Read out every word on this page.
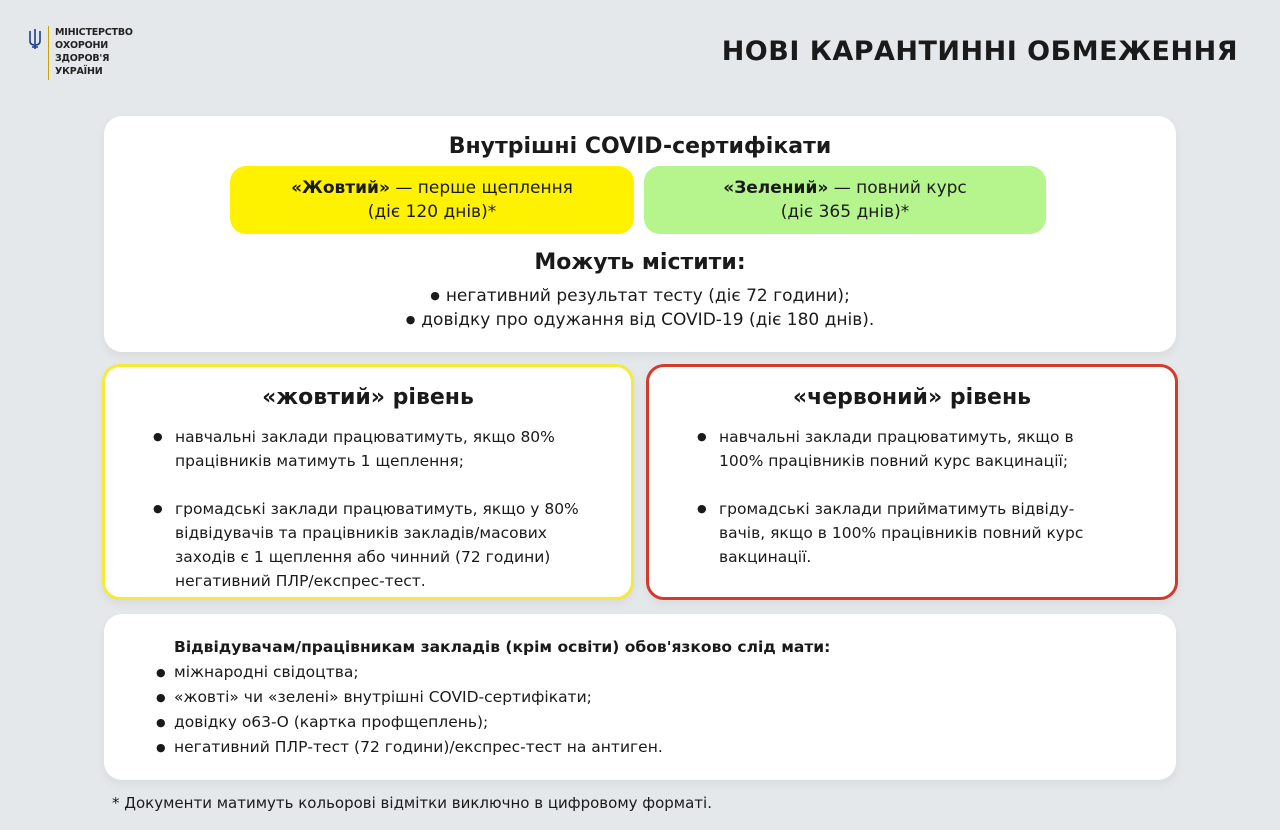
МІНІСТЕРСТВО
ОХОРОНИ
ЗДОРОВ'Я
УКРАЇНИ
НОВІ КАРАНТИННІ ОБМЕЖЕННЯ
Внутрішні COVID-сертифікати
«Жовтий» — перше щеплення
(діє 120 днів)*
«Зелений» — повний курс
(діє 365 днів)*
Можуть містити:
● негативний результат тесту (діє 72 години);
● довідку про одужання від COVID-19 (діє 180 днів).
«жовтий» рівень
● навчальні заклади працюватимуть, якщо 80% працівників матимуть 1 щеплення;
● громадські заклади працюватимуть, якщо у 80% відвідувачів та працівників закладів/масових заходів є 1 щеплення або чинний (72 години) негативний ПЛР/експрес-тест.
«червоний» рівень
● навчальні заклади працюватимуть, якщо в 100% працівників повний курс вакцинації;
● громадські заклади прийматимуть відвіду-вачів, якщо в 100% працівників повний курс вакцинації.
Відвідувачам/працівникам закладів (крім освіти) обов'язково слід мати:
● міжнародні свідоцтва;
● «жовті» чи «зелені» внутрішні COVID-сертифікати;
● довідку о63-О (картка профщеплень);
● негативний ПЛР-тест (72 години)/експрес-тест на антиген.
* Документи матимуть кольорові відмітки виключно в цифровому форматі.
